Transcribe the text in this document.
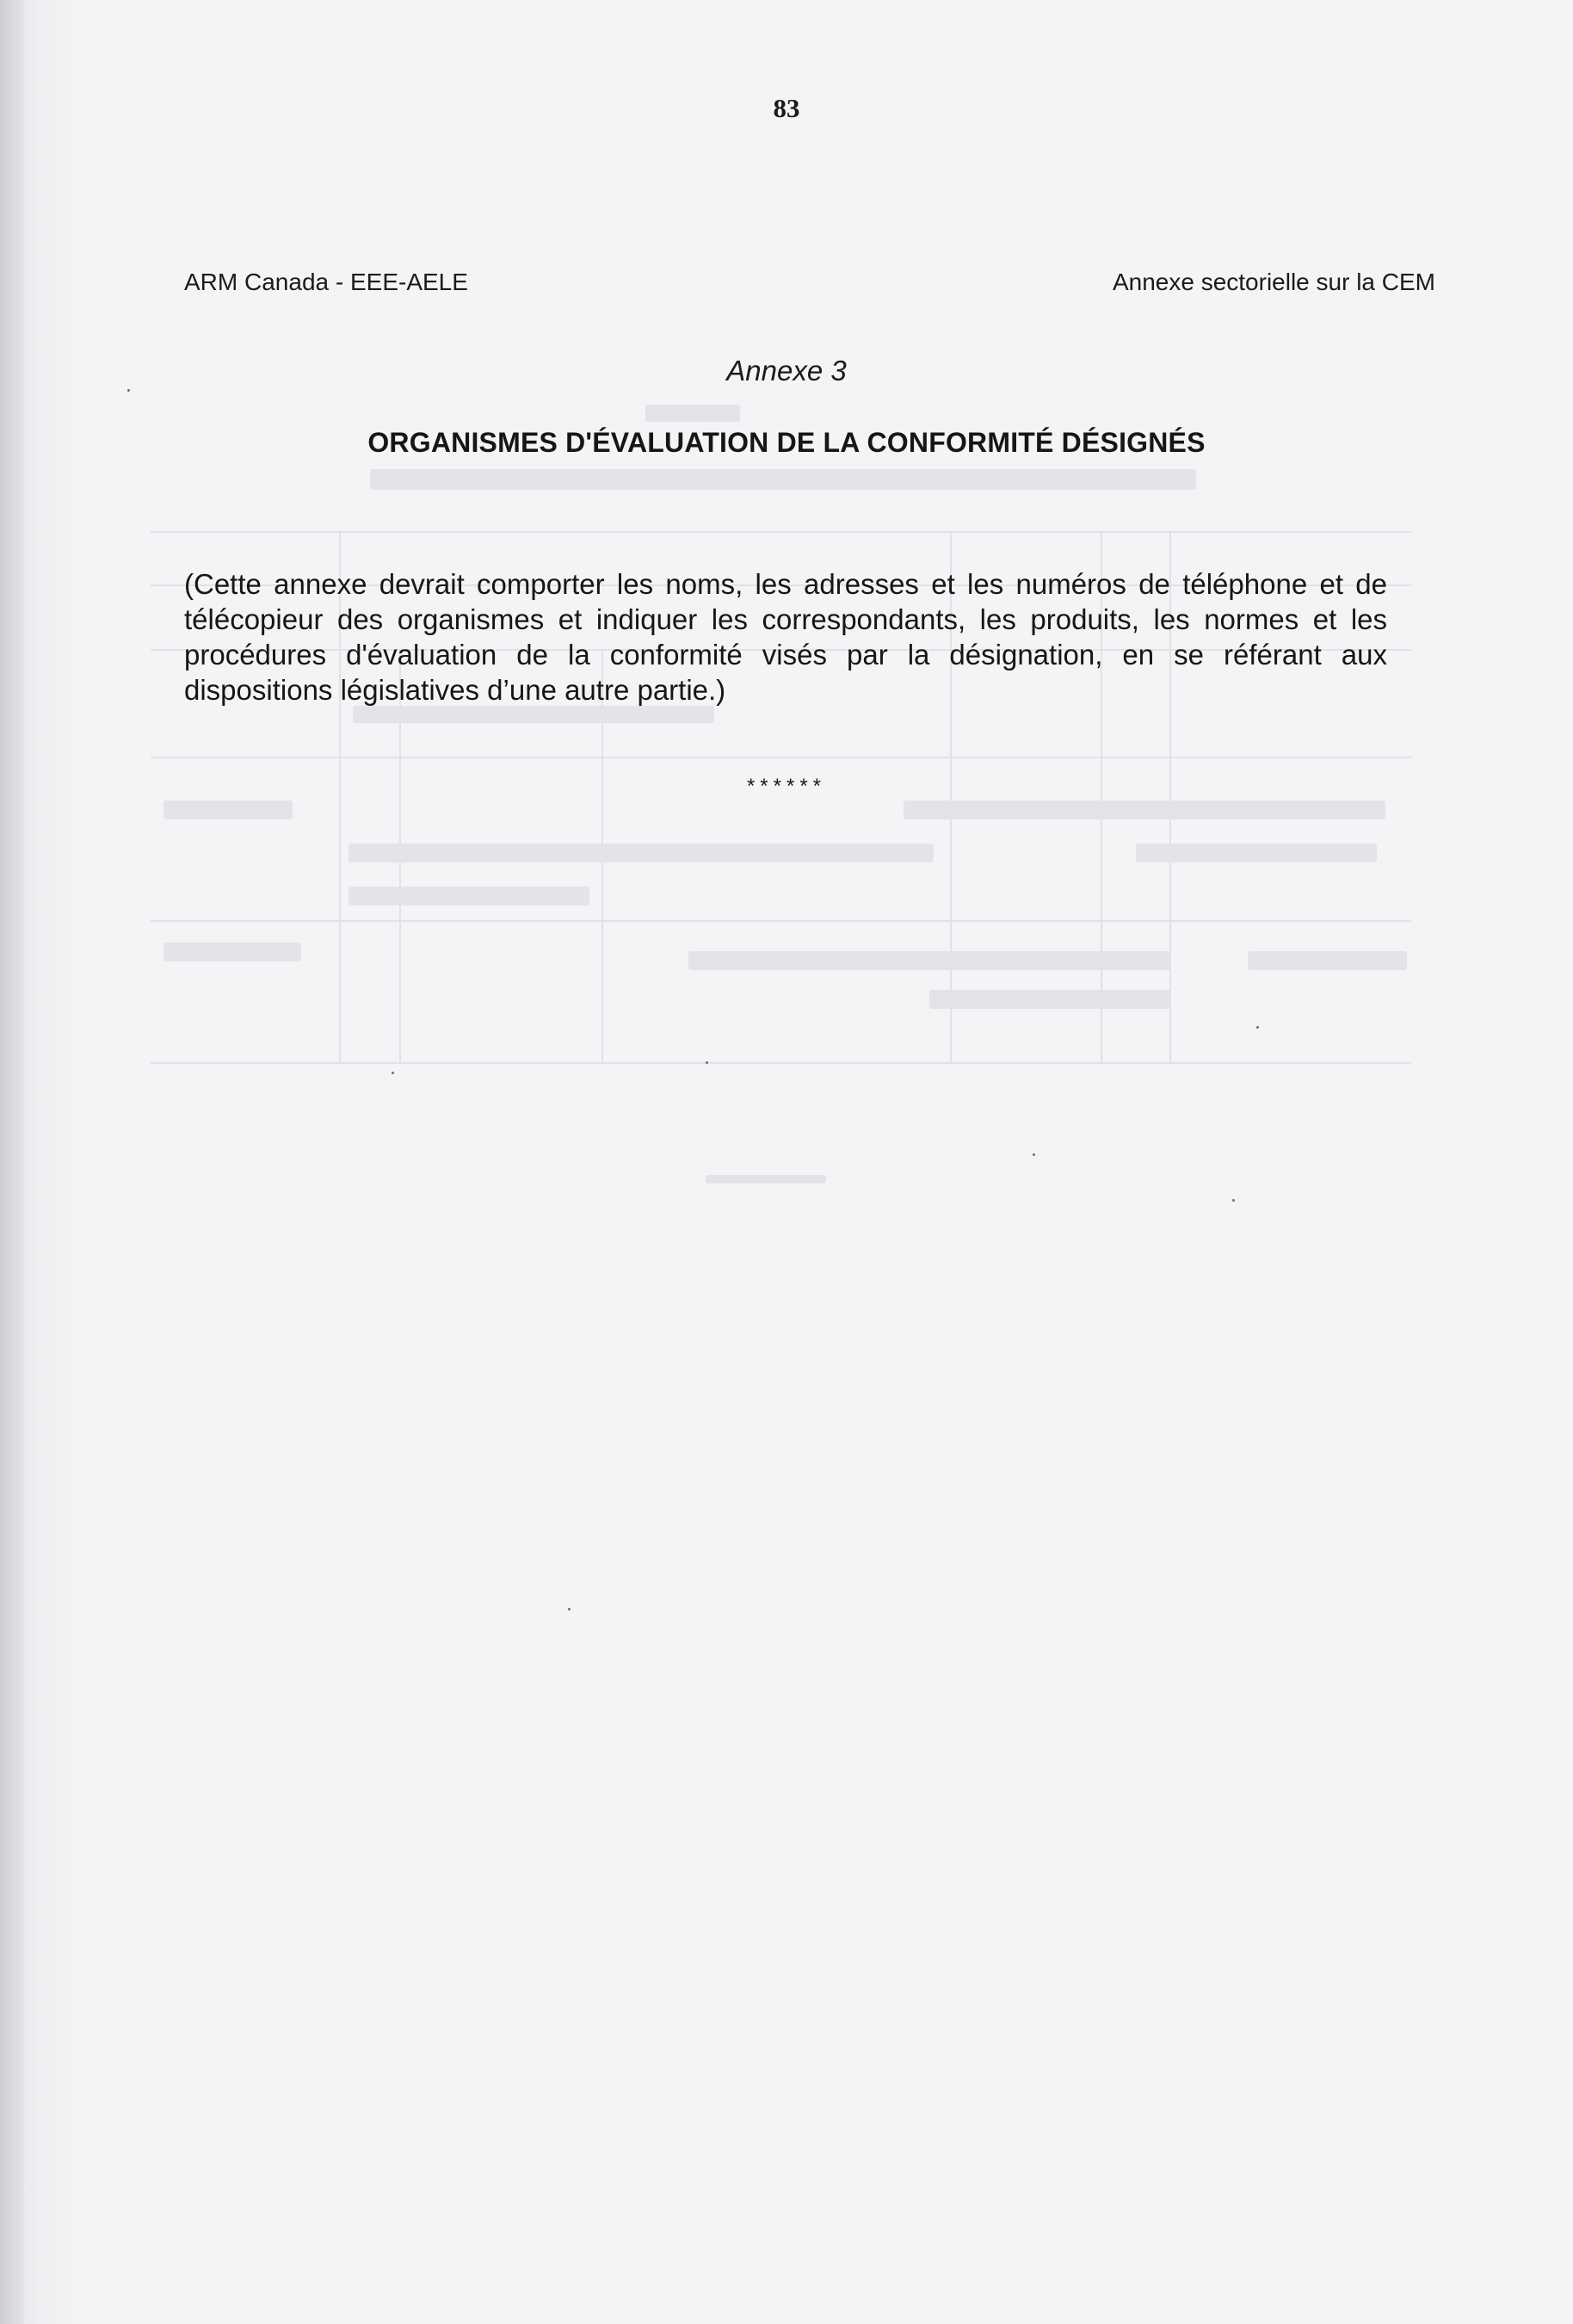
83
ARM Canada - EEE-AELE	Annexe sectorielle sur la CEM
Annexe 3
ORGANISMES D'ÉVALUATION DE LA CONFORMITÉ DÉSIGNÉS
(Cette annexe devrait comporter les noms, les adresses et les numéros de téléphone et de télécopieur des organismes et indiquer les correspondants, les produits, les normes et les procédures d'évaluation de la conformité visés par la désignation, en se référant aux dispositions législatives d’une autre partie.)
******
